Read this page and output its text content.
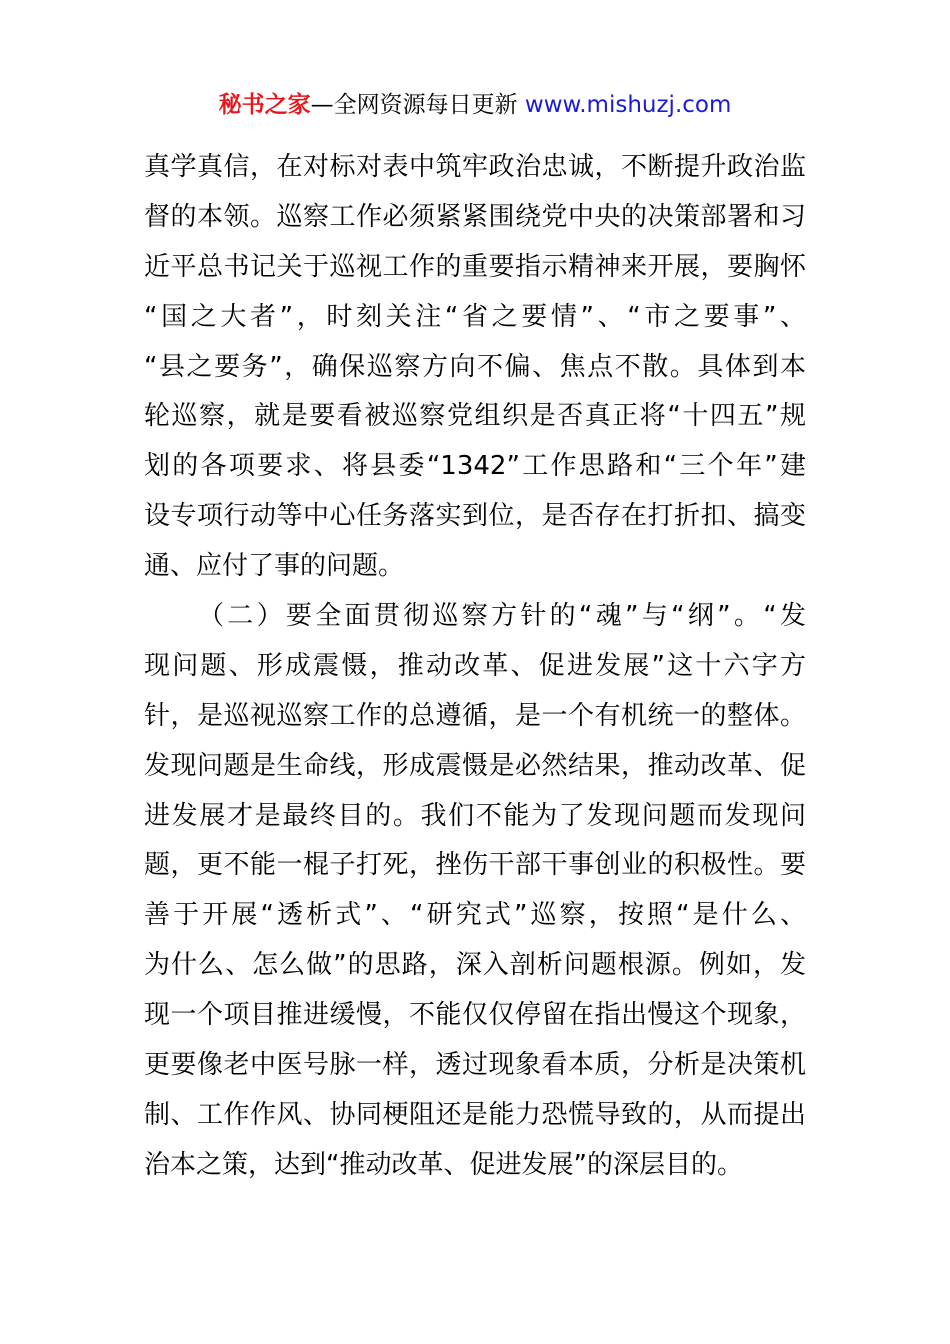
秘书之家—全网资源每日更新 www.mishuzj.com
真学真信，在对标对表中筑牢政治忠诚，不断提升政治监
督的本领。巡察工作必须紧紧围绕党中央的决策部署和习
近平总书记关于巡视工作的重要指示精神来开展，要胸怀
“国之大者”，时刻关注“省之要情”、“市之要事”、
“县之要务”，确保巡察方向不偏、焦点不散。具体到本
轮巡察，就是要看被巡察党组织是否真正将“十四五”规
划的各项要求、将县委“1342”工作思路和“三个年”建
设专项行动等中心任务落实到位，是否存在打折扣、搞变
通、应付了事的问题。
（二）要全面贯彻巡察方针的“魂”与“纲”。“发
现问题、形成震慑，推动改革、促进发展”这十六字方
针，是巡视巡察工作的总遵循，是一个有机统一的整体。
发现问题是生命线，形成震慑是必然结果，推动改革、促
进发展才是最终目的。我们不能为了发现问题而发现问
题，更不能一棍子打死，挫伤干部干事创业的积极性。要
善于开展“透析式”、“研究式”巡察，按照“是什么、
为什么、怎么做”的思路，深入剖析问题根源。例如，发
现一个项目推进缓慢，不能仅仅停留在指出慢这个现象，
更要像老中医号脉一样，透过现象看本质，分析是决策机
制、工作作风、协同梗阻还是能力恐慌导致的，从而提出
治本之策，达到“推动改革、促进发展”的深层目的。
